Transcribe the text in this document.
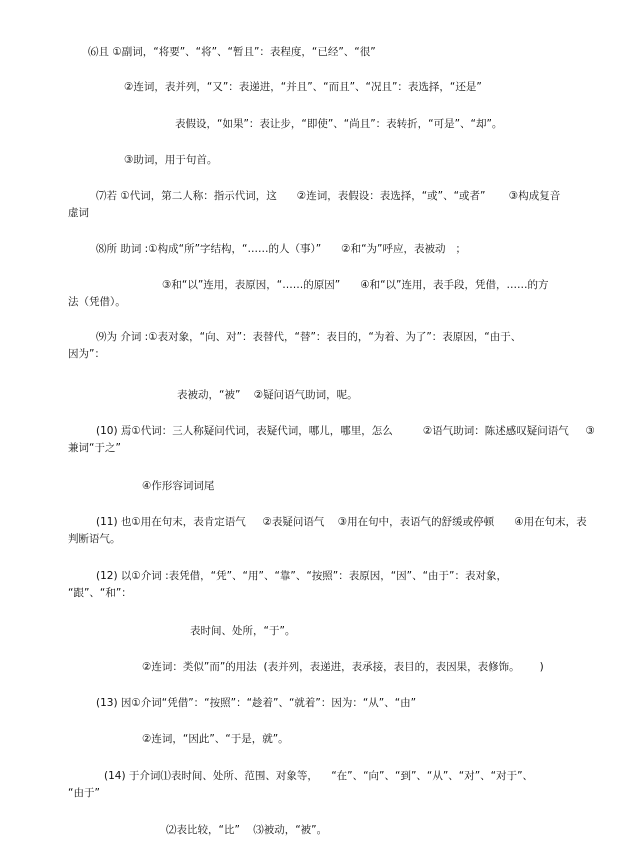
⑹且 ①副词，“将要”、“将”、“暂且”：表程度，“已经”、“很”
②连词，表并列，“又”：表递进，“并且”、“而且”、“况且”：表选择，“还是”
表假设，“如果”：表让步，“即使”、“尚且”：表转折，“可是”、“却”。
③助词，用于句首。
⑺若 ①代词，第二人称：指示代词，这      ②连词，表假设：表选择，“或”、“或者”       ③构成复音
虚词
⑻所 助词 :①构成“所”字结构，“……的人（事）”      ②和“为”呼应，表被动   ；
③和“以”连用，表原因，“……的原因”      ④和“以”连用，表手段，凭借，……的方
法（凭借）。
⑼为 介词 :①表对象，“向、对”：表替代，“替”：表目的，“为着、为了”：表原因，“由于、
因为”：
表被动，“被”    ②疑问语气助词，呢。
(10) 焉①代词：三人称疑问代词，表疑代词，哪儿，哪里，怎么         ②语气助词：陈述感叹疑问语气     ③
兼词“于之”
④作形容词词尾
(11) 也①用在句末，表肯定语气     ②表疑问语气    ③用在句中，表语气的舒缓或停顿      ④用在句末，表
判断语气。
(12) 以①介词 :表凭借，“凭”、“用”、“靠”、“按照”：表原因，“因”、“由于”：表对象，
“跟”、“和”：
表时间、处所，“于”。
②连词：类似”而”的用法  (表并列，表递进，表承接，表目的，表因果，表修饰。      )
(13) 因①介词“凭借”：“按照”：“趁着”、“就着”：因为：“从”、“由”
②连词，“因此”、“于是，就”。
(14) 于介词⑴表时间、处所、范围、对象等，    “在”、“向”、“到”、“从”、“对”、“对于”、
“由于”
⑵表比较，“比”    ⑶被动，“被”。
